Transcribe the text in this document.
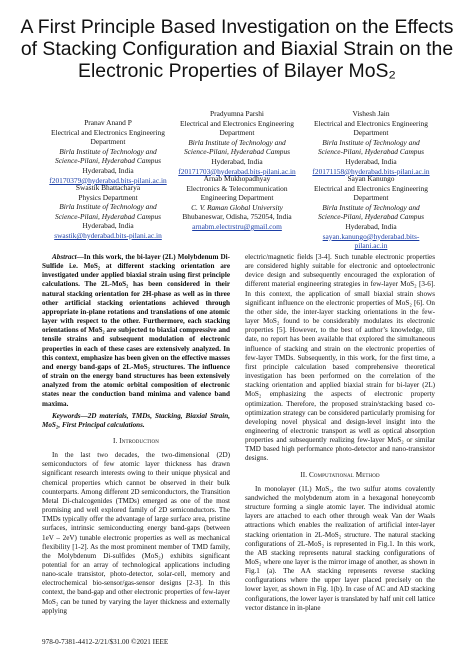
A First Principle Based Investigation on the Effects
of Stacking Configuration and Biaxial Strain on the
Electronic Properties of Bilayer MoS₂
Pranav Anand P
Electrical and Electronics Engineering
Department
Birla Institute of Technology and
Science-Pilani, Hyderabad Campus
Hyderabad, India
f20170379@hyderabad.bits-pilani.ac.in
Pradyumna Parshi
Electrical and Electronics Engineering
Department
Birla Institute of Technology and
Science-Pilani, Hyderabad Campus
Hyderabad, India
f20171703@hyderabad.bits-pilani.ac.in
Vishesh Jain
Electrical and Electronics Engineering
Department
Birla Institute of Technology and
Science-Pilani, Hyderabad Campus
Hyderabad, India
f20171158@hyderabad.bits-pilani.ac.in
Swastik Bhattacharya
Physics Department
Birla Institute of Technology and
Science-Pilani, Hyderabad Campus
Hyderabad, India
swastik@hyderabad.bits-pilani.ac.in
Arnab Mukhopadhyay
Electronics & Telecommunication
Engineering Department
C. V. Raman Global University
Bhubaneswar, Odisha, 752054, India
arnabm.electrstru@gmail.com
Sayan Kanungo
Electrical and Electronics Engineering
Department
Birla Institute of Technology and
Science-Pilani, Hyderabad Campus
Hyderabad, India
sayan.kanungo@hyderabad.bits-
pilani.ac.in

Abstract—In this work, the bi-layer (2L) Molybdenum Di-Sulfide i.e. MoS₂ at different stacking orientation are investigated under applied biaxial strain using first principle calculations. The 2L-MoS₂ has been considered in their natural stacking orientation for 2H-phase as well as in three other artificial stacking orientations achieved through appropriate in-plane rotations and translations of one atomic layer with respect to the other. Furthermore, each stacking orientations of MoS₂ are subjected to biaxial compressive and tensile strains and subsequent modulation of electronic properties in each of these cases are extensively analyzed. In this context, emphasize has been given on the effective masses and energy band-gaps of 2L-MoS₂ structures. The influence of strain on the energy band structures has been extensively analyzed from the atomic orbital composition of electronic states near the conduction band minima and valence band maxima.

Keywords—2D materials, TMDs, Stacking, Biaxial Strain, MoS₂, First Principal calculations.

I. Introduction

In the last two decades, the two-dimensional (2D) semiconductors of few atomic layer thickness has drawn significant research interests owing to their unique physical and chemical properties which cannot be observed in their bulk counterparts. Among different 2D semiconductors, the Transition Metal Di-chalcogenides (TMDs) emerged as one of the most promising and well explored family of 2D semiconductors. The TMDs typically offer the advantage of large surface area, pristine surfaces, intrinsic semiconducting energy band-gaps (between 1eV – 2eV) tunable electronic properties as well as mechanical flexibility [1-2]. As the most prominent member of TMD family, the Molybdenum Di-sulfides (MoS₂) exhibits significant potential for an array of technological applications including nano-scale transistor, photo-detector, solar-cell, memory and electrochemical bio-sensor/gas-sensor designs [2-3]. In this context, the band-gap and other electronic properties of few-layer MoS₂ can be tuned by varying the layer thickness and externally applying

electric/magnetic fields [3-4]. Such tunable electronic properties are considered highly suitable for electronic and optoelectronic device design and subsequently encouraged the exploration of different material engineering strategies in few-layer MoS₂ [3-6]. In this context, the application of small biaxial strain shows significant influence on the electronic properties of MoS₂ [6]. On the other side, the inter-layer stacking orientations in the few-layer MoS₂ found to be considerably modulates its electronic properties [5]. However, to the best of author’s knowledge, till date, no report has been available that explored the simultaneous influence of stacking and strain on the electronic properties of few-layer TMDs. Subsequently, in this work, for the first time, a first principle calculation based comprehensive theoretical investigation has been performed on the correlation of the stacking orientation and applied biaxial strain for bi-layer (2L) MoS₂ emphasizing the aspects of electronic property optimization. Therefore, the proposed strain/stacking based co-optimization strategy can be considered particularly promising for developing novel physical and design-level insight into the engineering of electronic transport as well as optical absorption properties and subsequently realizing few-layer MoS₂ or similar TMD based high performance photo-detector and nano-transistor designs.

II. Computational Method

In monolayer (1L) MoS₂, the two sulfur atoms covalently sandwiched the molybdenum atom in a hexagonal honeycomb structure forming a single atomic layer. The individual atomic layers are attached to each other through weak Van der Waals attractions which enables the realization of artificial inter-layer stacking orientation in 2L-MoS₂ structure. The natural stacking configurations of 2L-MoS₂ is represented in Fig.1. In this work, the AB stacking represents natural stacking configurations of MoS₂ where one layer is the mirror image of another, as shown in Fig.1 (a). The AA stacking represents reverse stacking configurations where the upper layer placed precisely on the lower layer, as shown in Fig. 1(b). In case of AC and AD stacking configurations, the lower layer is translated by half unit cell lattice vector distance in in-plane

978-0-7381-4412-2/21/$31.00 ©2021 IEEE
